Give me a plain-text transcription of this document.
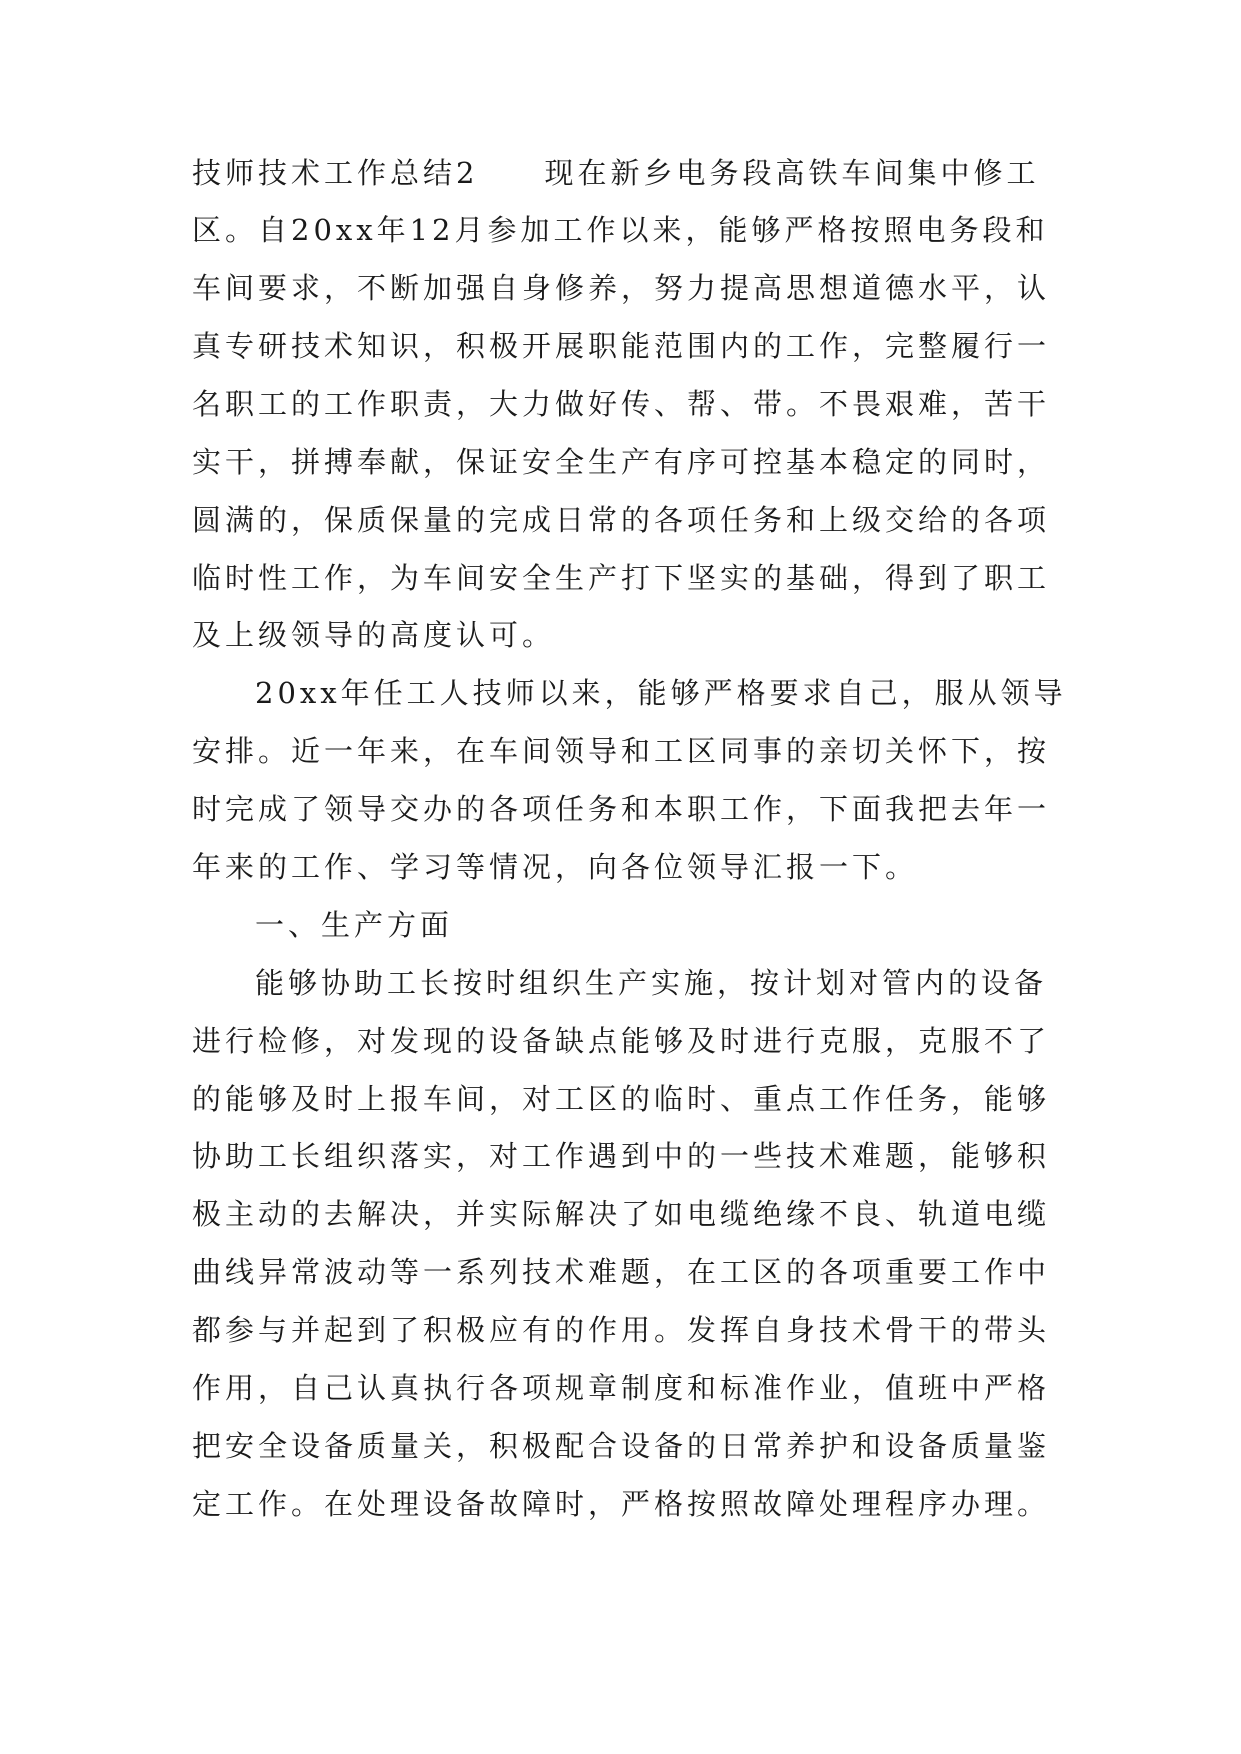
技师技术工作总结2　　现在新乡电务段高铁车间集中修工
区。自20xx年12月参加工作以来，能够严格按照电务段和
车间要求，不断加强自身修养，努力提高思想道德水平，认
真专研技术知识，积极开展职能范围内的工作，完整履行一
名职工的工作职责，大力做好传、帮、带。不畏艰难，苦干
实干，拼搏奉献，保证安全生产有序可控基本稳定的同时，
圆满的，保质保量的完成日常的各项任务和上级交给的各项
临时性工作，为车间安全生产打下坚实的基础，得到了职工
及上级领导的高度认可。
20xx年任工人技师以来，能够严格要求自己，服从领导
安排。近一年来，在车间领导和工区同事的亲切关怀下，按
时完成了领导交办的各项任务和本职工作，下面我把去年一
年来的工作、学习等情况，向各位领导汇报一下。
一、生产方面
能够协助工长按时组织生产实施，按计划对管内的设备
进行检修，对发现的设备缺点能够及时进行克服，克服不了
的能够及时上报车间，对工区的临时、重点工作任务，能够
协助工长组织落实，对工作遇到中的一些技术难题，能够积
极主动的去解决，并实际解决了如电缆绝缘不良、轨道电缆
曲线异常波动等一系列技术难题，在工区的各项重要工作中
都参与并起到了积极应有的作用。发挥自身技术骨干的带头
作用，自己认真执行各项规章制度和标准作业，值班中严格
把安全设备质量关，积极配合设备的日常养护和设备质量鉴
定工作。在处理设备故障时，严格按照故障处理程序办理。
